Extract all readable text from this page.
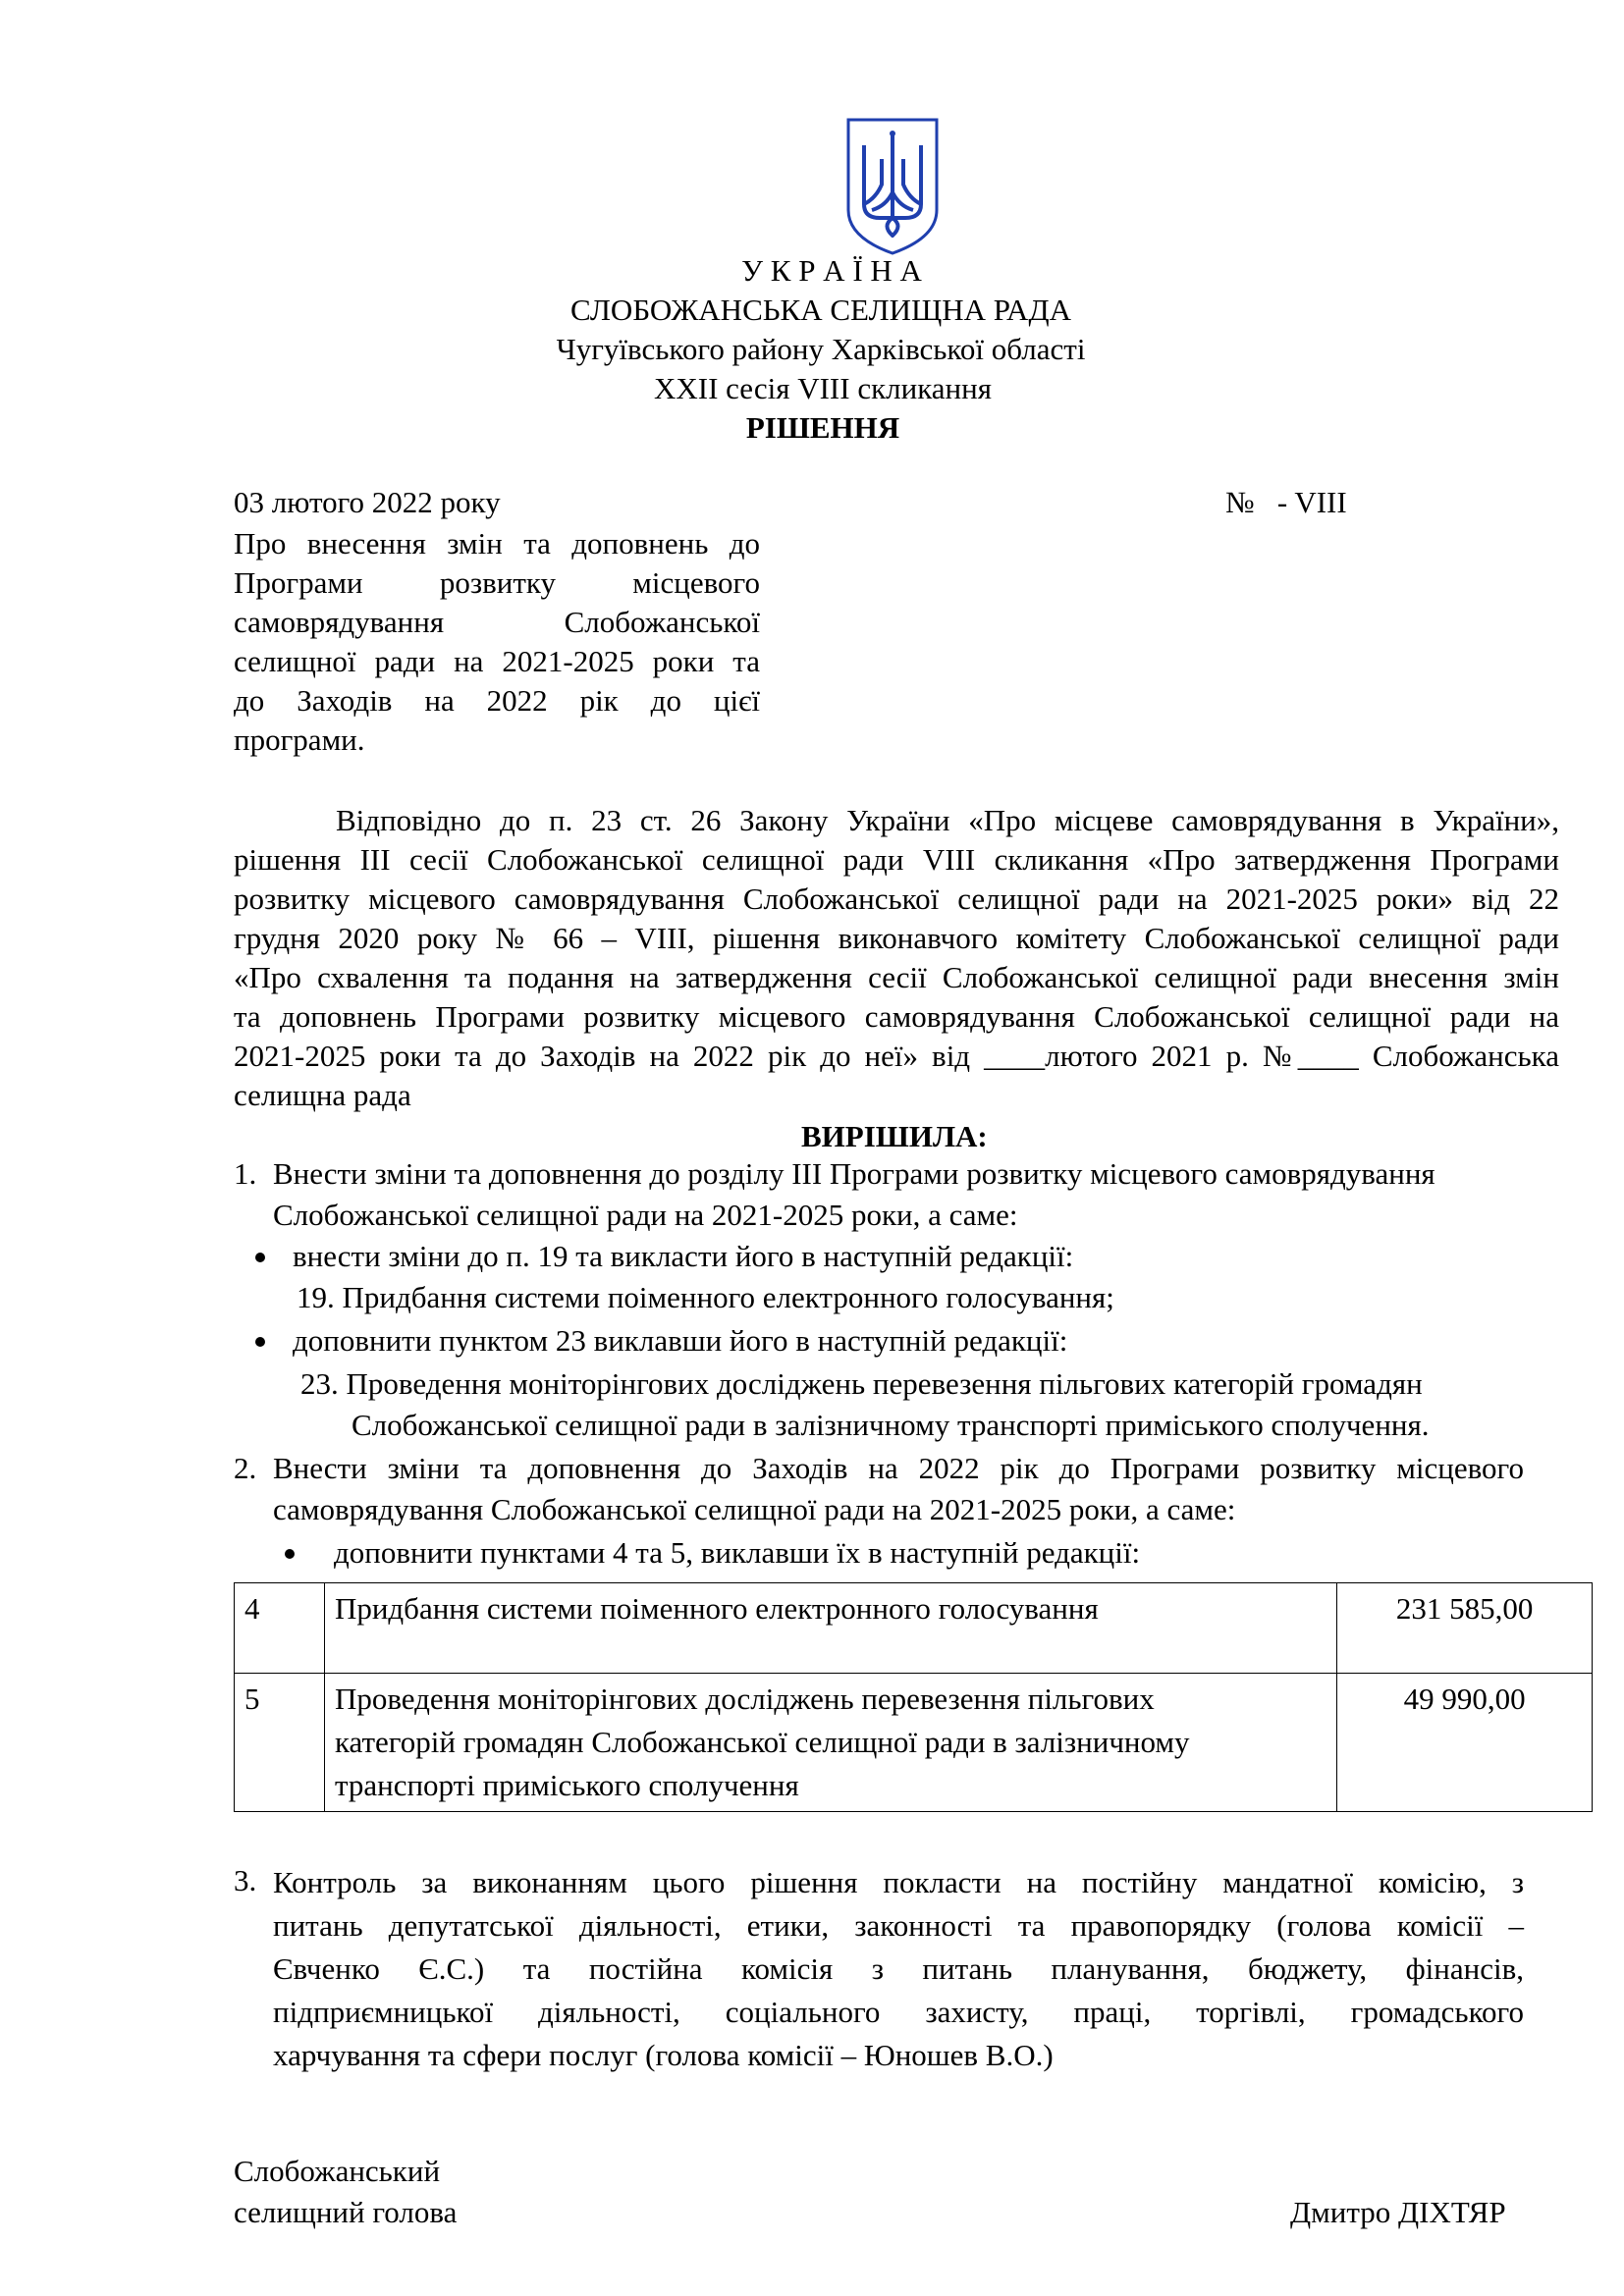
У К Р А Ї Н А
СЛОБОЖАНСЬКА СЕЛИЩНА РАДА
Чугуївського району Харківської області
XXII сесія VIII скликання
РІШЕННЯ
03 лютого 2022 року	№   - VIII
Про внесення змін та доповнень до
Програми розвитку місцевого
самоврядування Слобожанської
селищної ради на 2021-2025 роки та
до Заходів на 2022 рік до цієї
програми.
Відповідно до п. 23 ст. 26 Закону України «Про місцеве самоврядування в України»,
рішення ІІІ сесії Слобожанської селищної ради VIII скликання «Про затвердження Програми
розвитку місцевого самоврядування Слобожанської селищної ради на 2021-2025 роки» від 22
грудня 2020 року № 66 – VIII, рішення виконавчого комітету Слобожанської селищної ради
«Про схвалення та подання на затвердження сесії Слобожанської селищної ради внесення змін
та доповнень Програми розвитку місцевого самоврядування Слобожанської селищної ради на
2021-2025 роки та до Заходів на 2022 рік до неї» від ____лютого 2021 р. №____ Слобожанська
селищна рада
ВИРІШИЛА:
1. Внести зміни та доповнення до розділу ІІІ Програми розвитку місцевого самоврядування
Слобожанської селищної ради на 2021-2025 роки, а саме:
внести зміни до п. 19 та викласти його в наступній редакції:
19. Придбання системи поіменного електронного голосування;
доповнити пунктом 23 виклавши його в наступній редакції:
23. Проведення моніторінгових досліджень перевезення пільгових категорій громадян
Слобожанської селищної ради в залізничному транспорті приміського сполучення.
2. Внести зміни та доповнення до Заходів на 2022 рік до Програми розвитку місцевого
самоврядування Слобожанської селищної ради на 2021-2025 роки, а саме:
доповнити пунктами 4 та 5, виклавши їх в наступній редакції:
4	Придбання системи поіменного електронного голосування	231 585,00
5	Проведення моніторінгових досліджень перевезення пільгових
категорій громадян Слобожанської селищної ради в залізничному
транспорті приміського сполучення	49 990,00
3. Контроль за виконанням цього рішення покласти на постійну мандатної комісію, з
питань депутатської діяльності, етики, законності та правопорядку (голова комісії –
Євченко Є.С.) та постійна комісія з питань планування, бюджету, фінансів,
підприємницької діяльності, соціального захисту, праці, торгівлі, громадського
харчування та сфери послуг (голова комісії – Юношев В.О.)
Слобожанський
селищний голова	Дмитро ДІХТЯР
